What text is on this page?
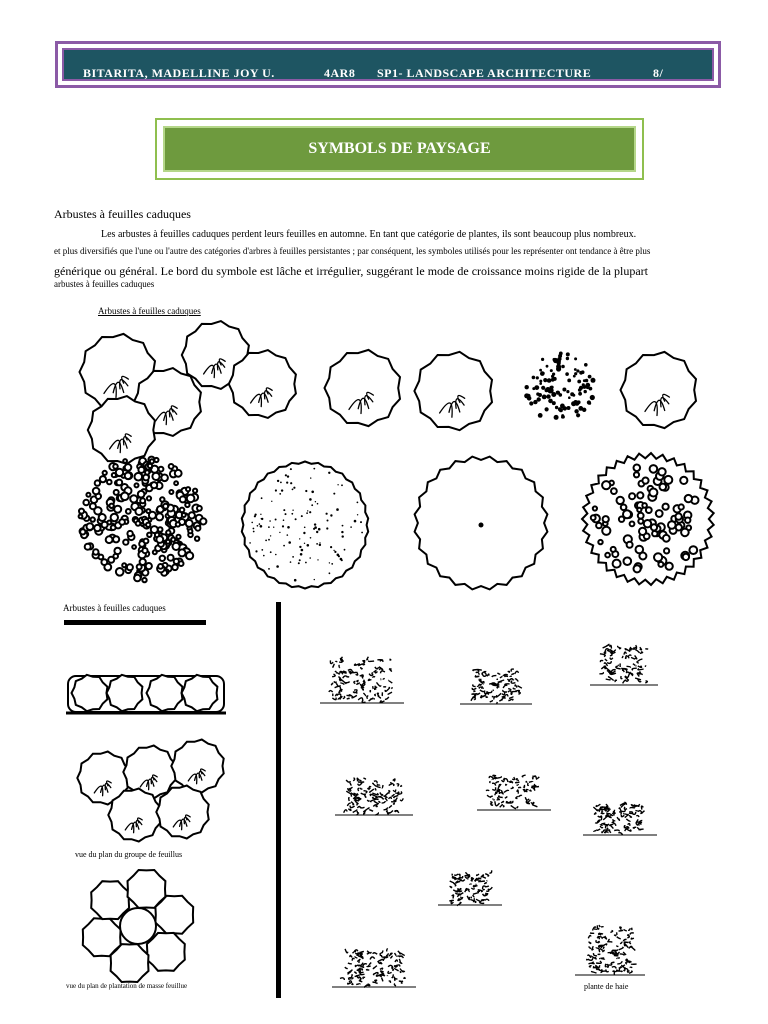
BITARITA, MADELLINE JOY U.	4AR8 SP1- LANDSCAPE ARCHITECTURE	8/
SYMBOLS DE PAYSAGE
Arbustes à feuilles caduques
Les arbustes à feuilles caduques perdent leurs feuilles en automne. En tant que catégorie de plantes, ils sont beaucoup plus nombreux.
et plus diversifiés que l'une ou l'autre des catégories d'arbres à feuilles persistantes ; par conséquent, les symboles utilisés pour les représenter ont tendance à être plus
générique ou général. Le bord du symbole est lâche et irrégulier, suggérant le mode de croissance moins rigide de la plupart
arbustes à feuilles caduques
Arbustes à feuilles caduques
Arbustes à feuilles caduques
vue du plan du groupe de feuillus
vue du plan de plantation de masse feuillue	plante de haie
